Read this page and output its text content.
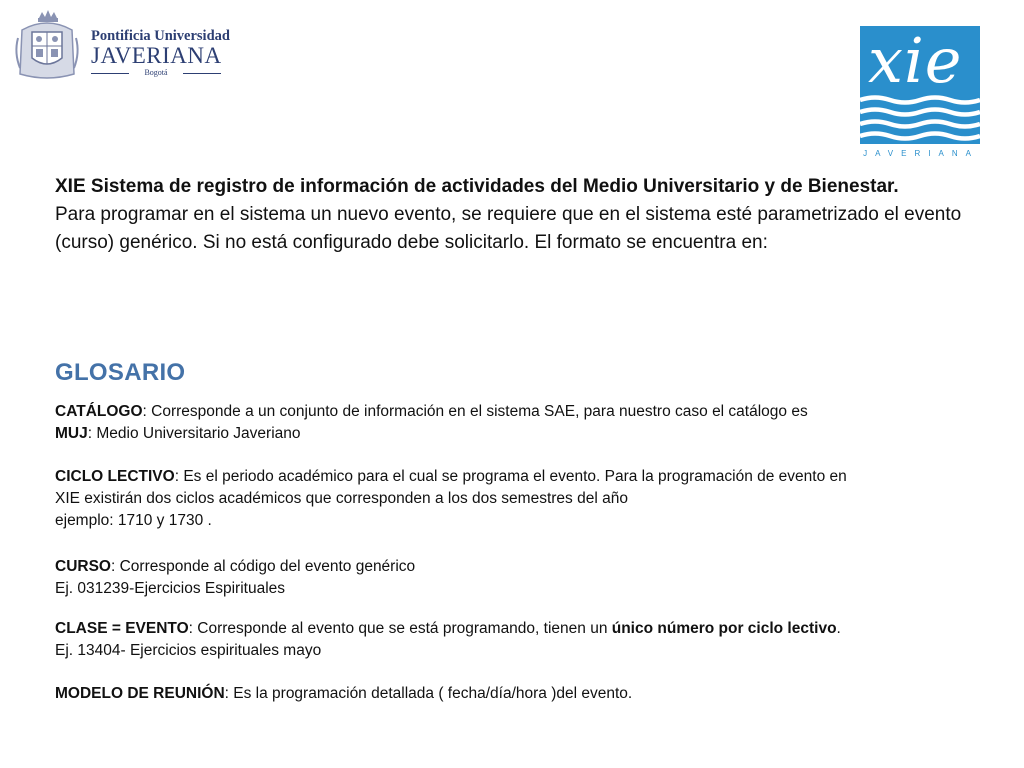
Pontificia Universidad
JAVERIANA
Bogotá	xie
JAVERIANA
XIE Sistema de registro de información de actividades del Medio Universitario y de Bienestar.
Para programar en el sistema un nuevo evento, se requiere que en el sistema esté parametrizado el evento (curso) genérico. Si no está configurado debe solicitarlo. El formato se encuentra en:
GLOSARIO
CATÁLOGO: Corresponde a un conjunto de información en el sistema SAE, para nuestro caso el catálogo es
MUJ: Medio Universitario Javeriano
CICLO LECTIVO: Es el periodo académico para el cual se programa el evento. Para la programación de evento en
XIE existirán dos ciclos académicos que corresponden a los dos semestres del año
ejemplo: 1710 y 1730 .
CURSO: Corresponde al código del evento genérico
Ej. 031239-Ejercicios Espirituales
CLASE = EVENTO: Corresponde al evento que se está programando, tienen un único número por ciclo lectivo.
Ej. 13404- Ejercicios espirituales mayo
MODELO DE REUNIÓN: Es la programación detallada ( fecha/día/hora )del evento.
